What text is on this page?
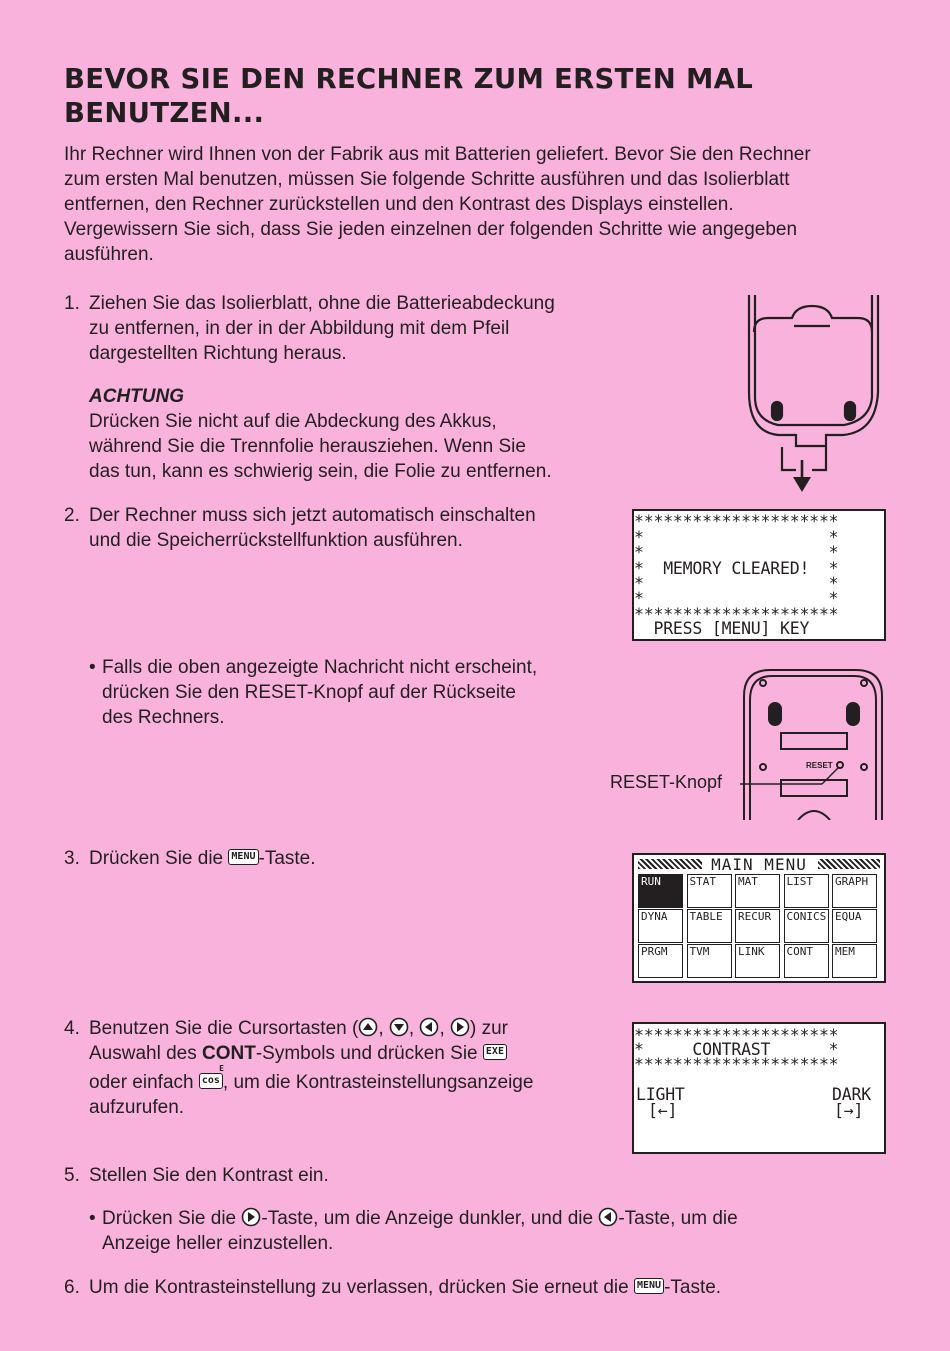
BEVOR SIE DEN RECHNER ZUM ERSTEN MAL
BENUTZEN...
Ihr Rechner wird Ihnen von der Fabrik aus mit Batterien geliefert. Bevor Sie den Rechner
zum ersten Mal benutzen, müssen Sie folgende Schritte ausführen und das Isolierblatt
entfernen, den Rechner zurückstellen und den Kontrast des Displays einstellen.
Vergewissern Sie sich, dass Sie jeden einzelnen der folgenden Schritte wie angegeben
ausführen.
1. Ziehen Sie das Isolierblatt, ohne die Batterieabdeckung
zu entfernen, in der in der Abbildung mit dem Pfeil
dargestellten Richtung heraus.
ACHTUNG
Drücken Sie nicht auf die Abdeckung des Akkus,
während Sie die Trennfolie herausziehen. Wenn Sie
das tun, kann es schwierig sein, die Folie zu entfernen.
2. Der Rechner muss sich jetzt automatisch einschalten
und die Speicherrückstellfunktion ausführen.
• Falls die oben angezeigte Nachricht nicht erscheint,
drücken Sie den RESET-Knopf auf der Rückseite
des Rechners.
*********************
*                   *
*                   *
*  MEMORY CLEARED!  *
*                   *
*                   *
*********************
PRESS [MENU] KEY
RESET
RESET-Knopf
3. Drücken Sie die MENU -Taste.	MAIN MENU
RUN	STAT MAT	LIST GRAPH
DYNA TABLE RECUR CONICS EQUA
PRGM TVM	LINK CONT MEM
4. Benutzen Sie die Cursortasten ( , , , ) zur
Auswahl des CONT-Symbols und drücken Sie EXE
oder einfach cos
E
, um die Kontrasteinstellungsanzeige
aufzurufen.
*********************
*     CONTRAST      *
*********************
LIGHT	DARK
[←]	[→]
5. Stellen Sie den Kontrast ein.
• Drücken Sie die -Taste, um die Anzeige dunkler, und die -Taste, um die
Anzeige heller einzustellen.
6. Um die Kontrasteinstellung zu verlassen, drücken Sie erneut die MENU -Taste.
